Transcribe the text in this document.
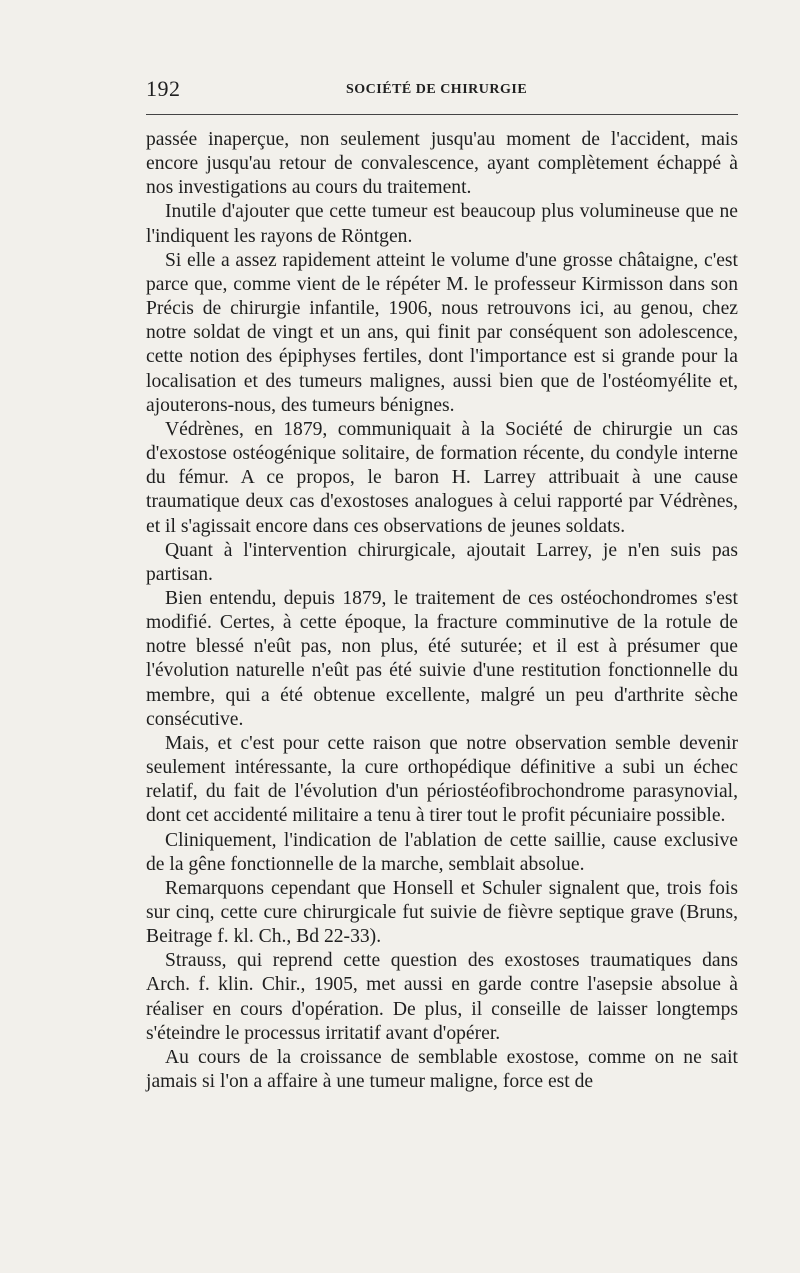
192	SOCIÉTÉ DE CHIRURGIE

passée inaperçue, non seulement jusqu'au moment de l'accident, mais encore jusqu'au retour de convalescence, ayant complètement échappé à nos investigations au cours du traitement.

Inutile d'ajouter que cette tumeur est beaucoup plus volumineuse que ne l'indiquent les rayons de Röntgen.

Si elle a assez rapidement atteint le volume d'une grosse châtaigne, c'est parce que, comme vient de le répéter M. le professeur Kirmisson dans son Précis de chirurgie infantile, 1906, nous retrouvons ici, au genou, chez notre soldat de vingt et un ans, qui finit par conséquent son adolescence, cette notion des épiphyses fertiles, dont l'importance est si grande pour la localisation et des tumeurs malignes, aussi bien que de l'ostéomyélite et, ajouterons-nous, des tumeurs bénignes.

Védrènes, en 1879, communiquait à la Société de chirurgie un cas d'exostose ostéogénique solitaire, de formation récente, du condyle interne du fémur. A ce propos, le baron H. Larrey attribuait à une cause traumatique deux cas d'exostoses analogues à celui rapporté par Védrènes, et il s'agissait encore dans ces observations de jeunes soldats.

Quant à l'intervention chirurgicale, ajoutait Larrey, je n'en suis pas partisan.

Bien entendu, depuis 1879, le traitement de ces ostéochondromes s'est modifié. Certes, à cette époque, la fracture comminutive de la rotule de notre blessé n'eût pas, non plus, été suturée; et il est à présumer que l'évolution naturelle n'eût pas été suivie d'une restitution fonctionnelle du membre, qui a été obtenue excellente, malgré un peu d'arthrite sèche consécutive.

Mais, et c'est pour cette raison que notre observation semble devenir seulement intéressante, la cure orthopédique définitive a subi un échec relatif, du fait de l'évolution d'un périostéofibrochondrome parasynovial, dont cet accidenté militaire a tenu à tirer tout le profit pécuniaire possible.

Cliniquement, l'indication de l'ablation de cette saillie, cause exclusive de la gêne fonctionnelle de la marche, semblait absolue.

Remarquons cependant que Honsell et Schuler signalent que, trois fois sur cinq, cette cure chirurgicale fut suivie de fièvre septique grave (Bruns, Beitrage f. kl. Ch., Bd 22-33).

Strauss, qui reprend cette question des exostoses traumatiques dans Arch. f. klin. Chir., 1905, met aussi en garde contre l'asepsie absolue à réaliser en cours d'opération. De plus, il conseille de laisser longtemps s'éteindre le processus irritatif avant d'opérer.

Au cours de la croissance de semblable exostose, comme on ne sait jamais si l'on a affaire à une tumeur maligne, force est de
